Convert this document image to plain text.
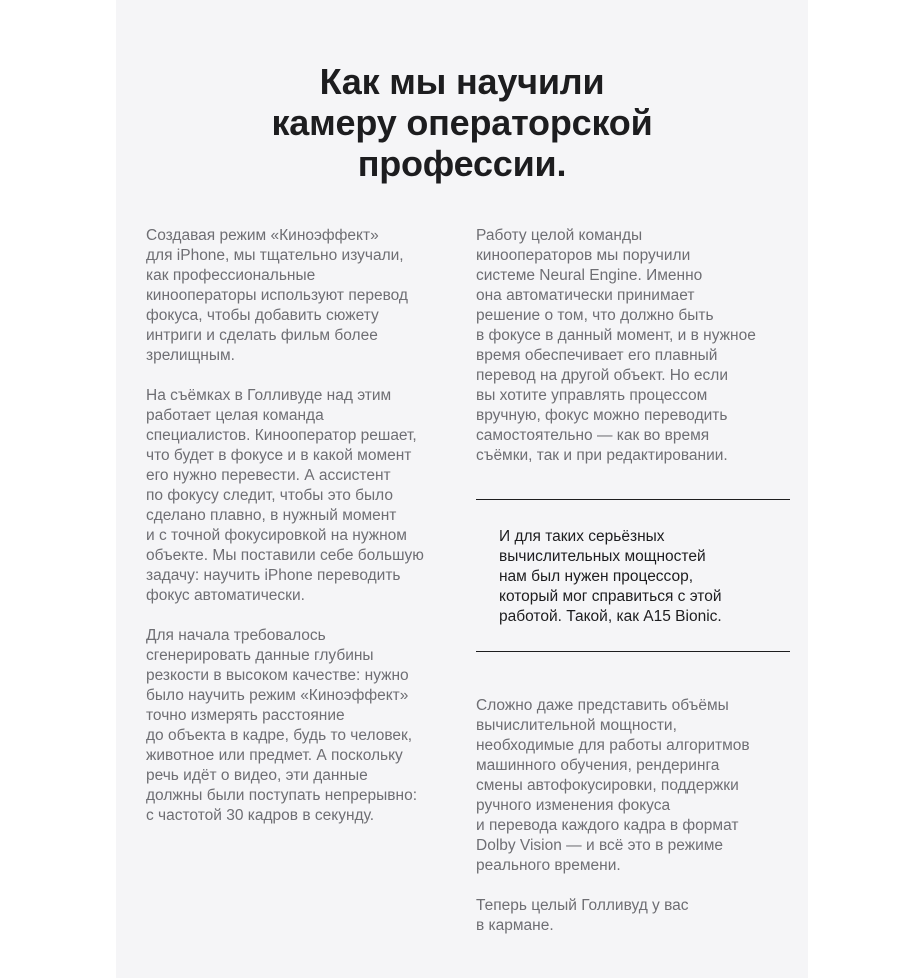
Как мы научили
камеру операторской
профессии.

Создавая режим «Киноэффект»
для iPhone, мы тщательно изучали,
как профессиональные
кинооператоры используют перевод
фокуса, чтобы добавить сюжету
интриги и сделать фильм более
зрелищным.

На съёмках в Голливуде над этим
работает целая команда
специалистов. Кинооператор решает,
что будет в фокусе и в какой момент
его нужно перевести. А ассистент
по фокусу следит, чтобы это было
сделано плавно, в нужный момент
и с точной фокусировкой на нужном
объекте. Мы поставили себе большую
задачу: научить iPhone переводить
фокус автоматически.

Для начала требовалось
сгенерировать данные глубины
резкости в высоком качестве: нужно
было научить режим «Киноэффект»
точно измерять расстояние
до объекта в кадре, будь то человек,
животное или предмет. А поскольку
речь идёт о видео, эти данные
должны были поступать непрерывно:
с частотой 30 кадров в секунду.

Работу целой команды
кинооператоров мы поручили
системе Neural Engine. Именно
она автоматически принимает
решение о том, что должно быть
в фокусе в данный момент, и в нужное
время обеспечивает его плавный
перевод на другой объект. Но если
вы хотите управлять процессом
вручную, фокус можно переводить
самостоятельно — как во время
съёмки, так и при редактировании.

И для таких серьёзных
вычислительных мощностей
нам был нужен процессор,
который мог справиться с этой
работой. Такой, как A15 Bionic.

Сложно даже представить объёмы
вычислительной мощности,
необходимые для работы алгоритмов
машинного обучения, рендеринга
смены автофокусировки, поддержки
ручного изменения фокуса
и перевода каждого кадра в формат
Dolby Vision — и всё это в режиме
реального времени.

Теперь целый Голливуд у вас
в кармане.
